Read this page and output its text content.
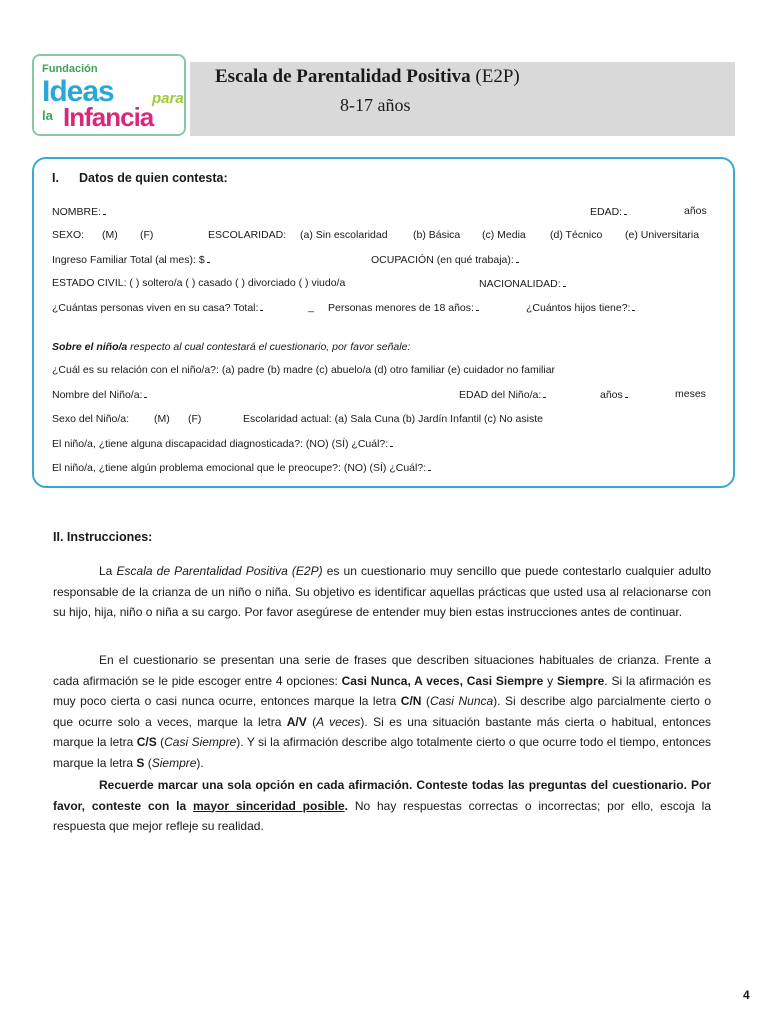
Fundación
Ideas	para
la Infancia
Escala de Parentalidad Positiva (E2P)
8-17 años
I. Datos de quien contesta:
NOMBRE:	EDAD:	años
SEXO: (M) (F)	ESCOLARIDAD: (a) Sin escolaridad (b) Básica (c) Media (d) Técnico (e) Universitaria
Ingreso Familiar Total (al mes): $	OCUPACIÓN (en qué trabaja):
ESTADO CIVIL: ( ) soltero/a ( ) casado ( ) divorciado ( ) viudo/a	NACIONALIDAD:
¿Cuántas personas viven en su casa? Total:	_ Personas menores de 18 años:	¿Cuántos hijos tiene?:
Sobre el niño/a respecto al cual contestará el cuestionario, por favor señale:
¿Cuál es su relación con el niño/a?: (a) padre (b) madre (c) abuelo/a (d) otro familiar (e) cuidador no familiar
Nombre del Niño/a:	EDAD del Niño/a:	años	meses
Sexo del Niño/a: (M) (F)	Escolaridad actual: (a) Sala Cuna (b) Jardín Infantil (c) No asiste
El niño/a, ¿tiene alguna discapacidad diagnosticada?: (NO) (SÍ) ¿Cuál?:
El niño/a, ¿tiene algún problema emocional que le preocupe?: (NO) (SÍ) ¿Cuál?:
II. Instrucciones:
La Escala de Parentalidad Positiva (E2P) es un cuestionario muy sencillo que puede contestarlo cualquier adulto responsable de la crianza de un niño o niña. Su objetivo es identificar aquellas prácticas que usted usa al relacionarse con su hijo, hija, niño o niña a su cargo. Por favor asegúrese de entender muy bien estas instrucciones antes de continuar.
En el cuestionario se presentan una serie de frases que describen situaciones habituales de crianza. Frente a cada afirmación se le pide escoger entre 4 opciones: Casi Nunca, A veces, Casi Siempre y Siempre. Si la afirmación es muy poco cierta o casi nunca ocurre, entonces marque la letra C/N (Casi Nunca). Si describe algo parcialmente cierto o que ocurre solo a veces, marque la letra A/V (A veces). Si es una situación bastante más cierta o habitual, entonces marque la letra C/S (Casi Siempre). Y si la afirmación describe algo totalmente cierto o que ocurre todo el tiempo, entonces marque la letra S (Siempre).
Recuerde marcar una sola opción en cada afirmación. Conteste todas las preguntas del cuestionario. Por favor, conteste con la mayor sinceridad posible. No hay respuestas correctas o incorrectas; por ello, escoja la respuesta que mejor refleje su realidad.
4
